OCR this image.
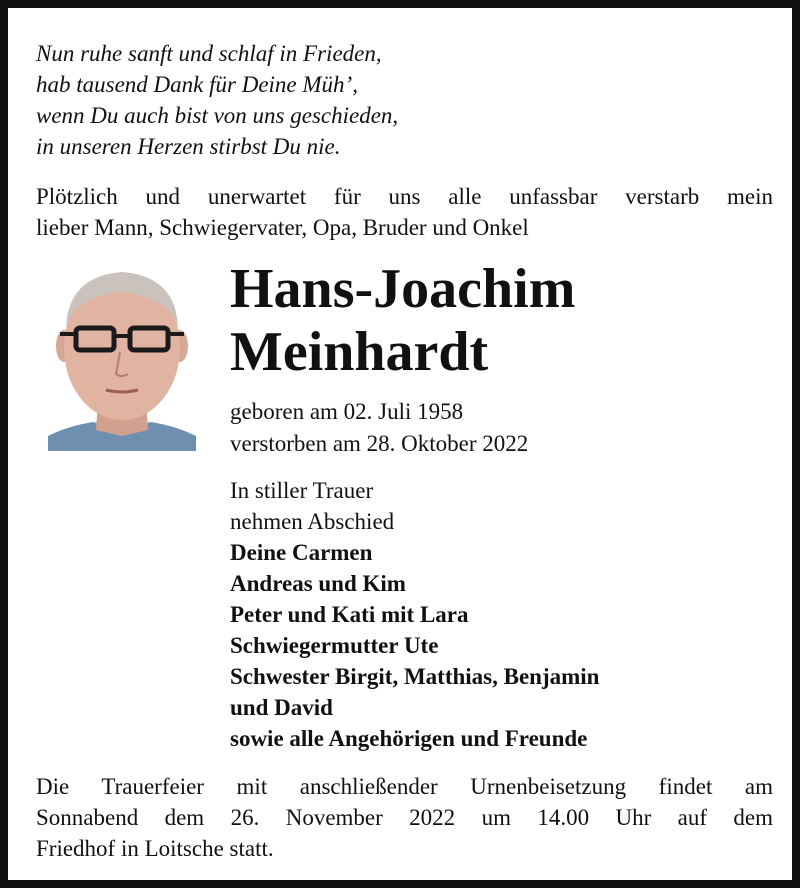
Nun ruhe sanft und schlaf in Frieden,
hab tausend Dank für Deine Müh’,
wenn Du auch bist von uns geschieden,
in unseren Herzen stirbst Du nie.
Plötzlich und unerwartet für uns alle unfassbar verstarb mein
lieber Mann, Schwiegervater, Opa, Bruder und Onkel
Hans-Joachim
Meinhardt
geboren am 02. Juli 1958
verstorben am 28. Oktober 2022
In stiller Trauer
nehmen Abschied
Deine Carmen
Andreas und Kim
Peter und Kati mit Lara
Schwiegermutter Ute
Schwester Birgit, Matthias, Benjamin
und David
sowie alle Angehörigen und Freunde
Die Trauerfeier mit anschließender Urnenbeisetzung findet am
Sonnabend dem 26. November 2022 um 14.00 Uhr auf dem
Friedhof in Loitsche statt.
